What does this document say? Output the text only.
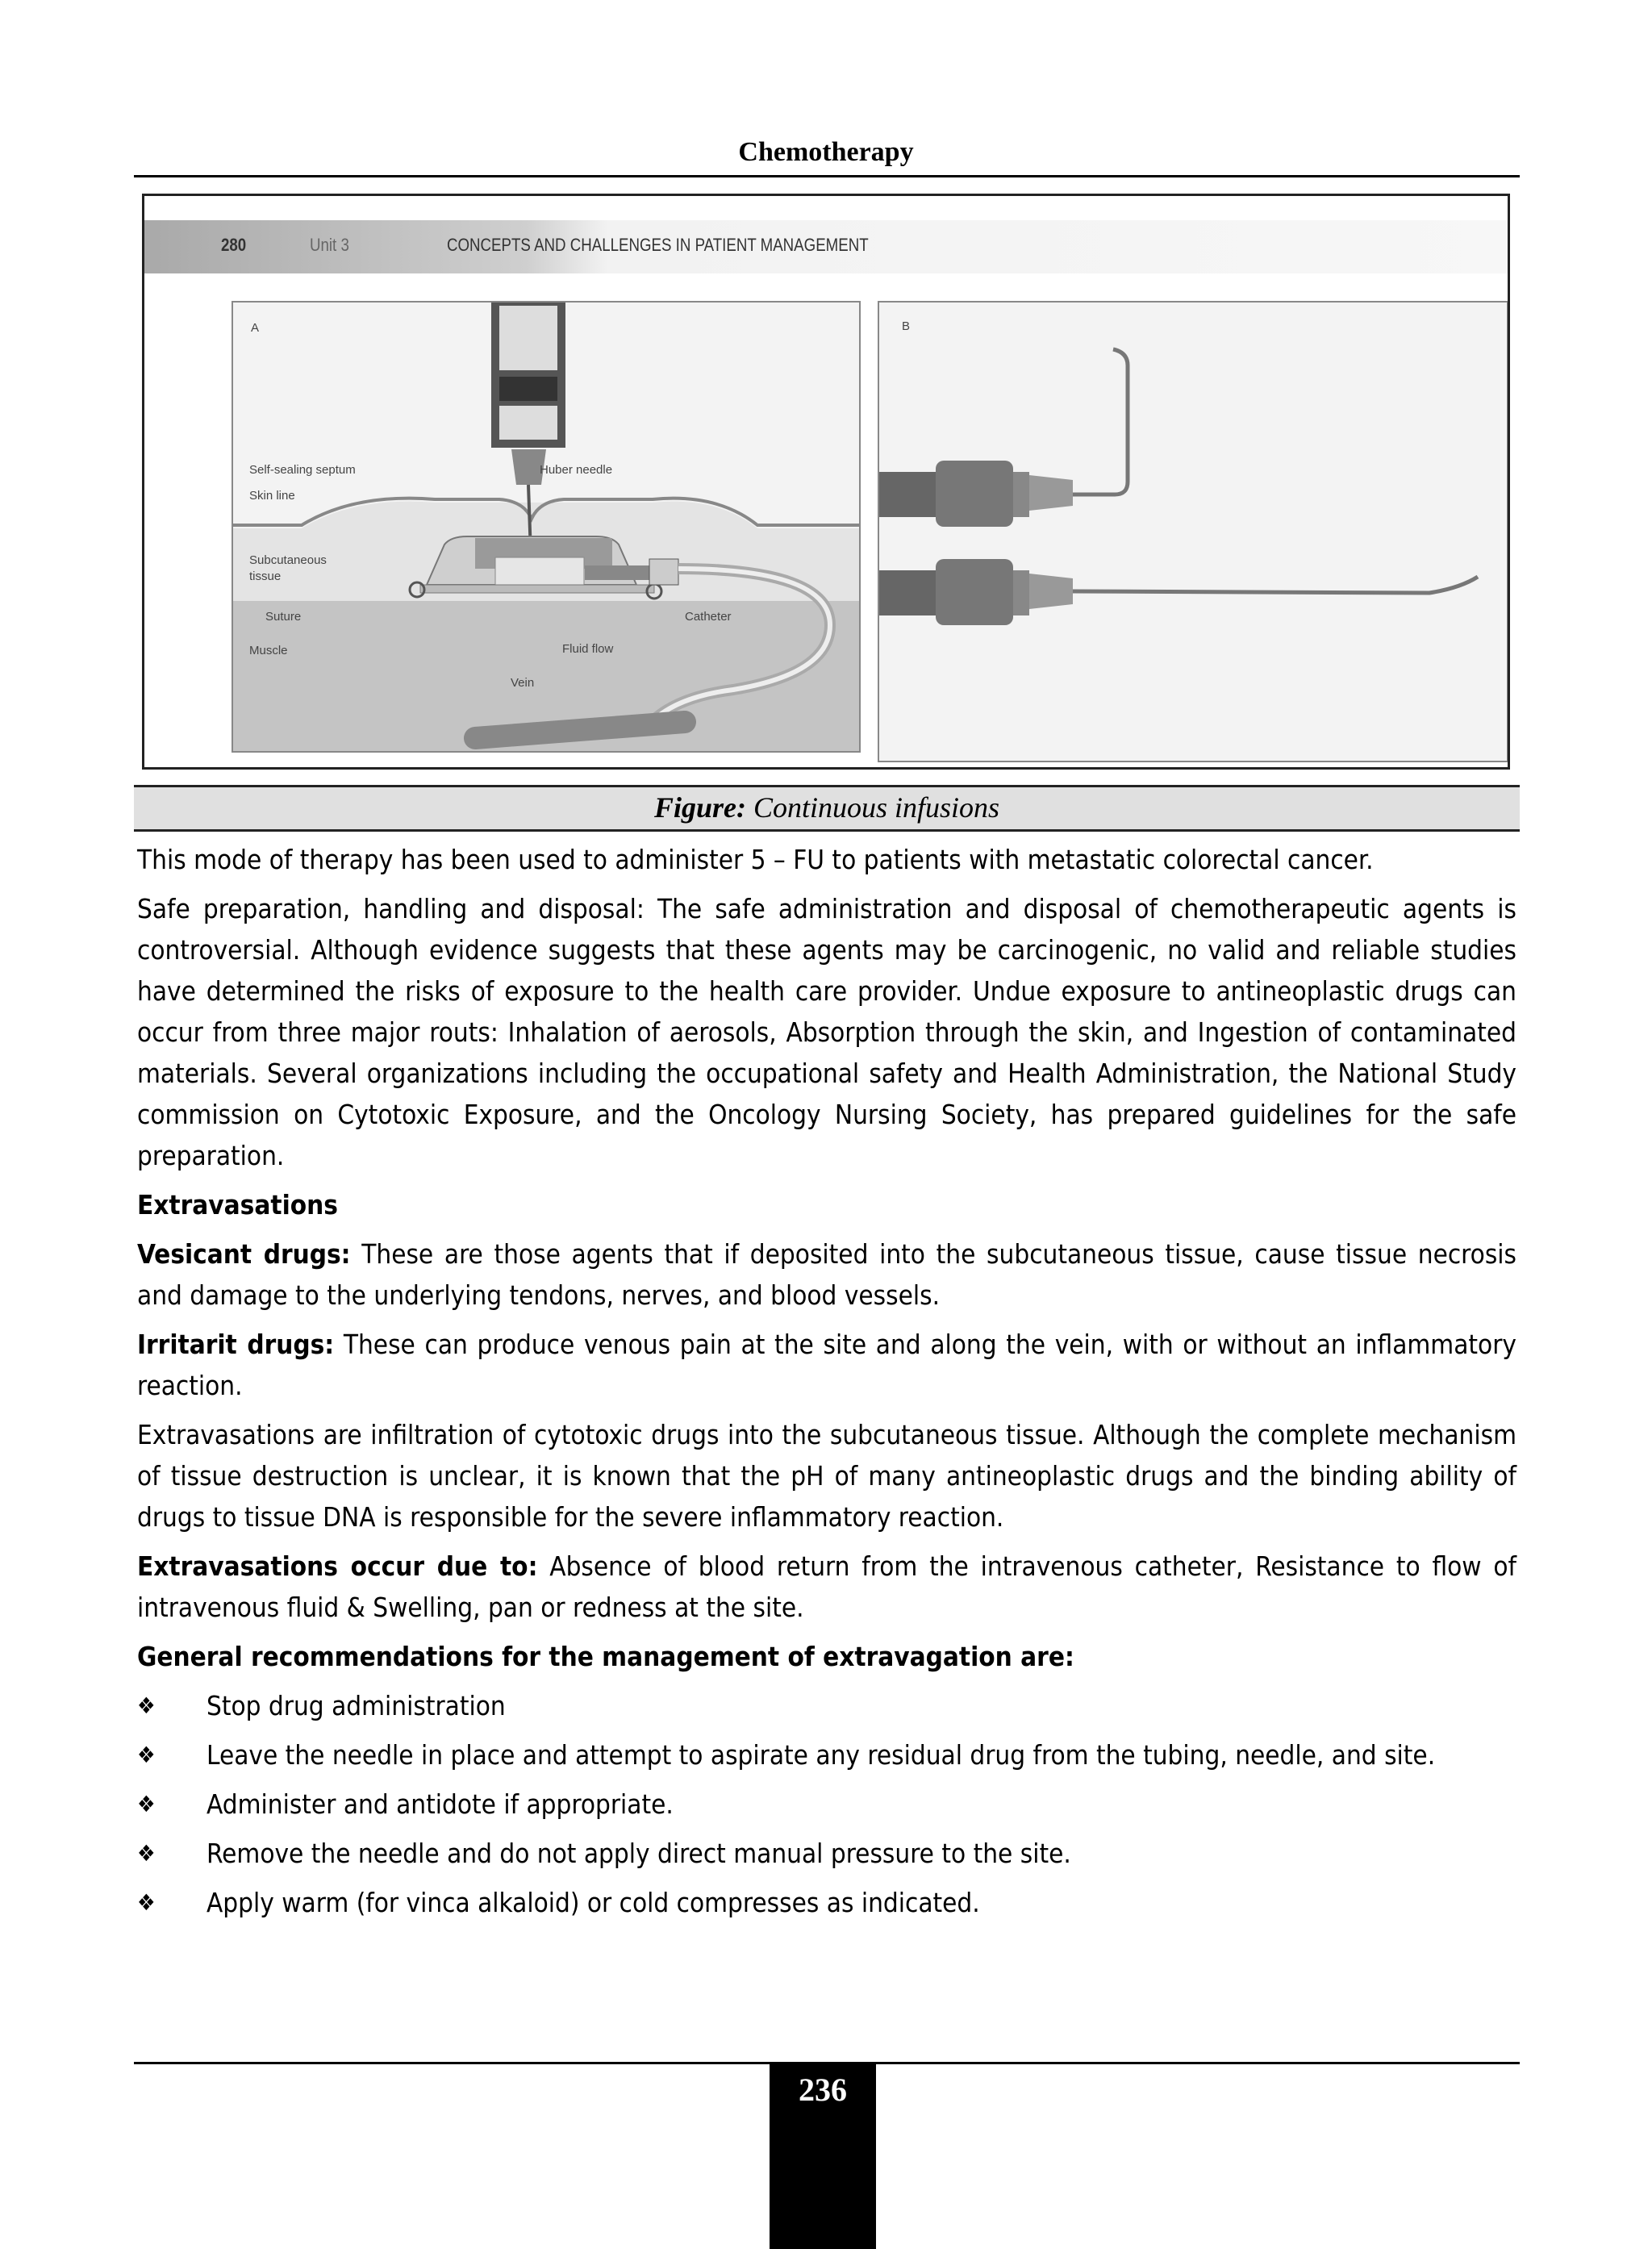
Chemotherapy
280	Unit 3	CONCEPTS AND CHALLENGES IN PATIENT MANAGEMENT
A
Self-sealing septum	Huber needle
Skin line
Subcutaneous
tissue
Suture	Catheter
Fluid flow
Muscle
Vein
B
Figure: Continuous infusions

This mode of therapy has been used to administer 5 – FU to patients with metastatic colorectal cancer.

Safe preparation, handling and disposal: The safe administration and disposal of chemotherapeutic agents is controversial. Although evidence suggests that these agents may be carcinogenic, no valid and reliable studies have determined the risks of exposure to the health care provider. Undue exposure to antineoplastic drugs can occur from three major routs: Inhalation of aerosols, Absorption through the skin, and Ingestion of contaminated materials. Several organizations including the occupational safety and Health Administration, the National Study commission on Cytotoxic Exposure, and the Oncology Nursing Society, has prepared guidelines for the safe preparation.

Extravasations

Vesicant drugs: These are those agents that if deposited into the subcutaneous tissue, cause tissue necrosis and damage to the underlying tendons, nerves, and blood vessels.

Irritarit drugs: These can produce venous pain at the site and along the vein, with or without an inflammatory reaction.

Extravasations are infiltration of cytotoxic drugs into the subcutaneous tissue. Although the complete mechanism of tissue destruction is unclear, it is known that the pH of many antineoplastic drugs and the binding ability of drugs to tissue DNA is responsible for the severe inflammatory reaction.

Extravasations occur due to: Absence of blood return from the intravenous catheter, Resistance to flow of intravenous fluid & Swelling, pan or redness at the site.

General recommendations for the management of extravagation are:

❖ Stop drug administration
❖ Leave the needle in place and attempt to aspirate any residual drug from the tubing, needle, and site.
❖ Administer and antidote if appropriate.
❖ Remove the needle and do not apply direct manual pressure to the site.
❖ Apply warm (for vinca alkaloid) or cold compresses as indicated.
236
